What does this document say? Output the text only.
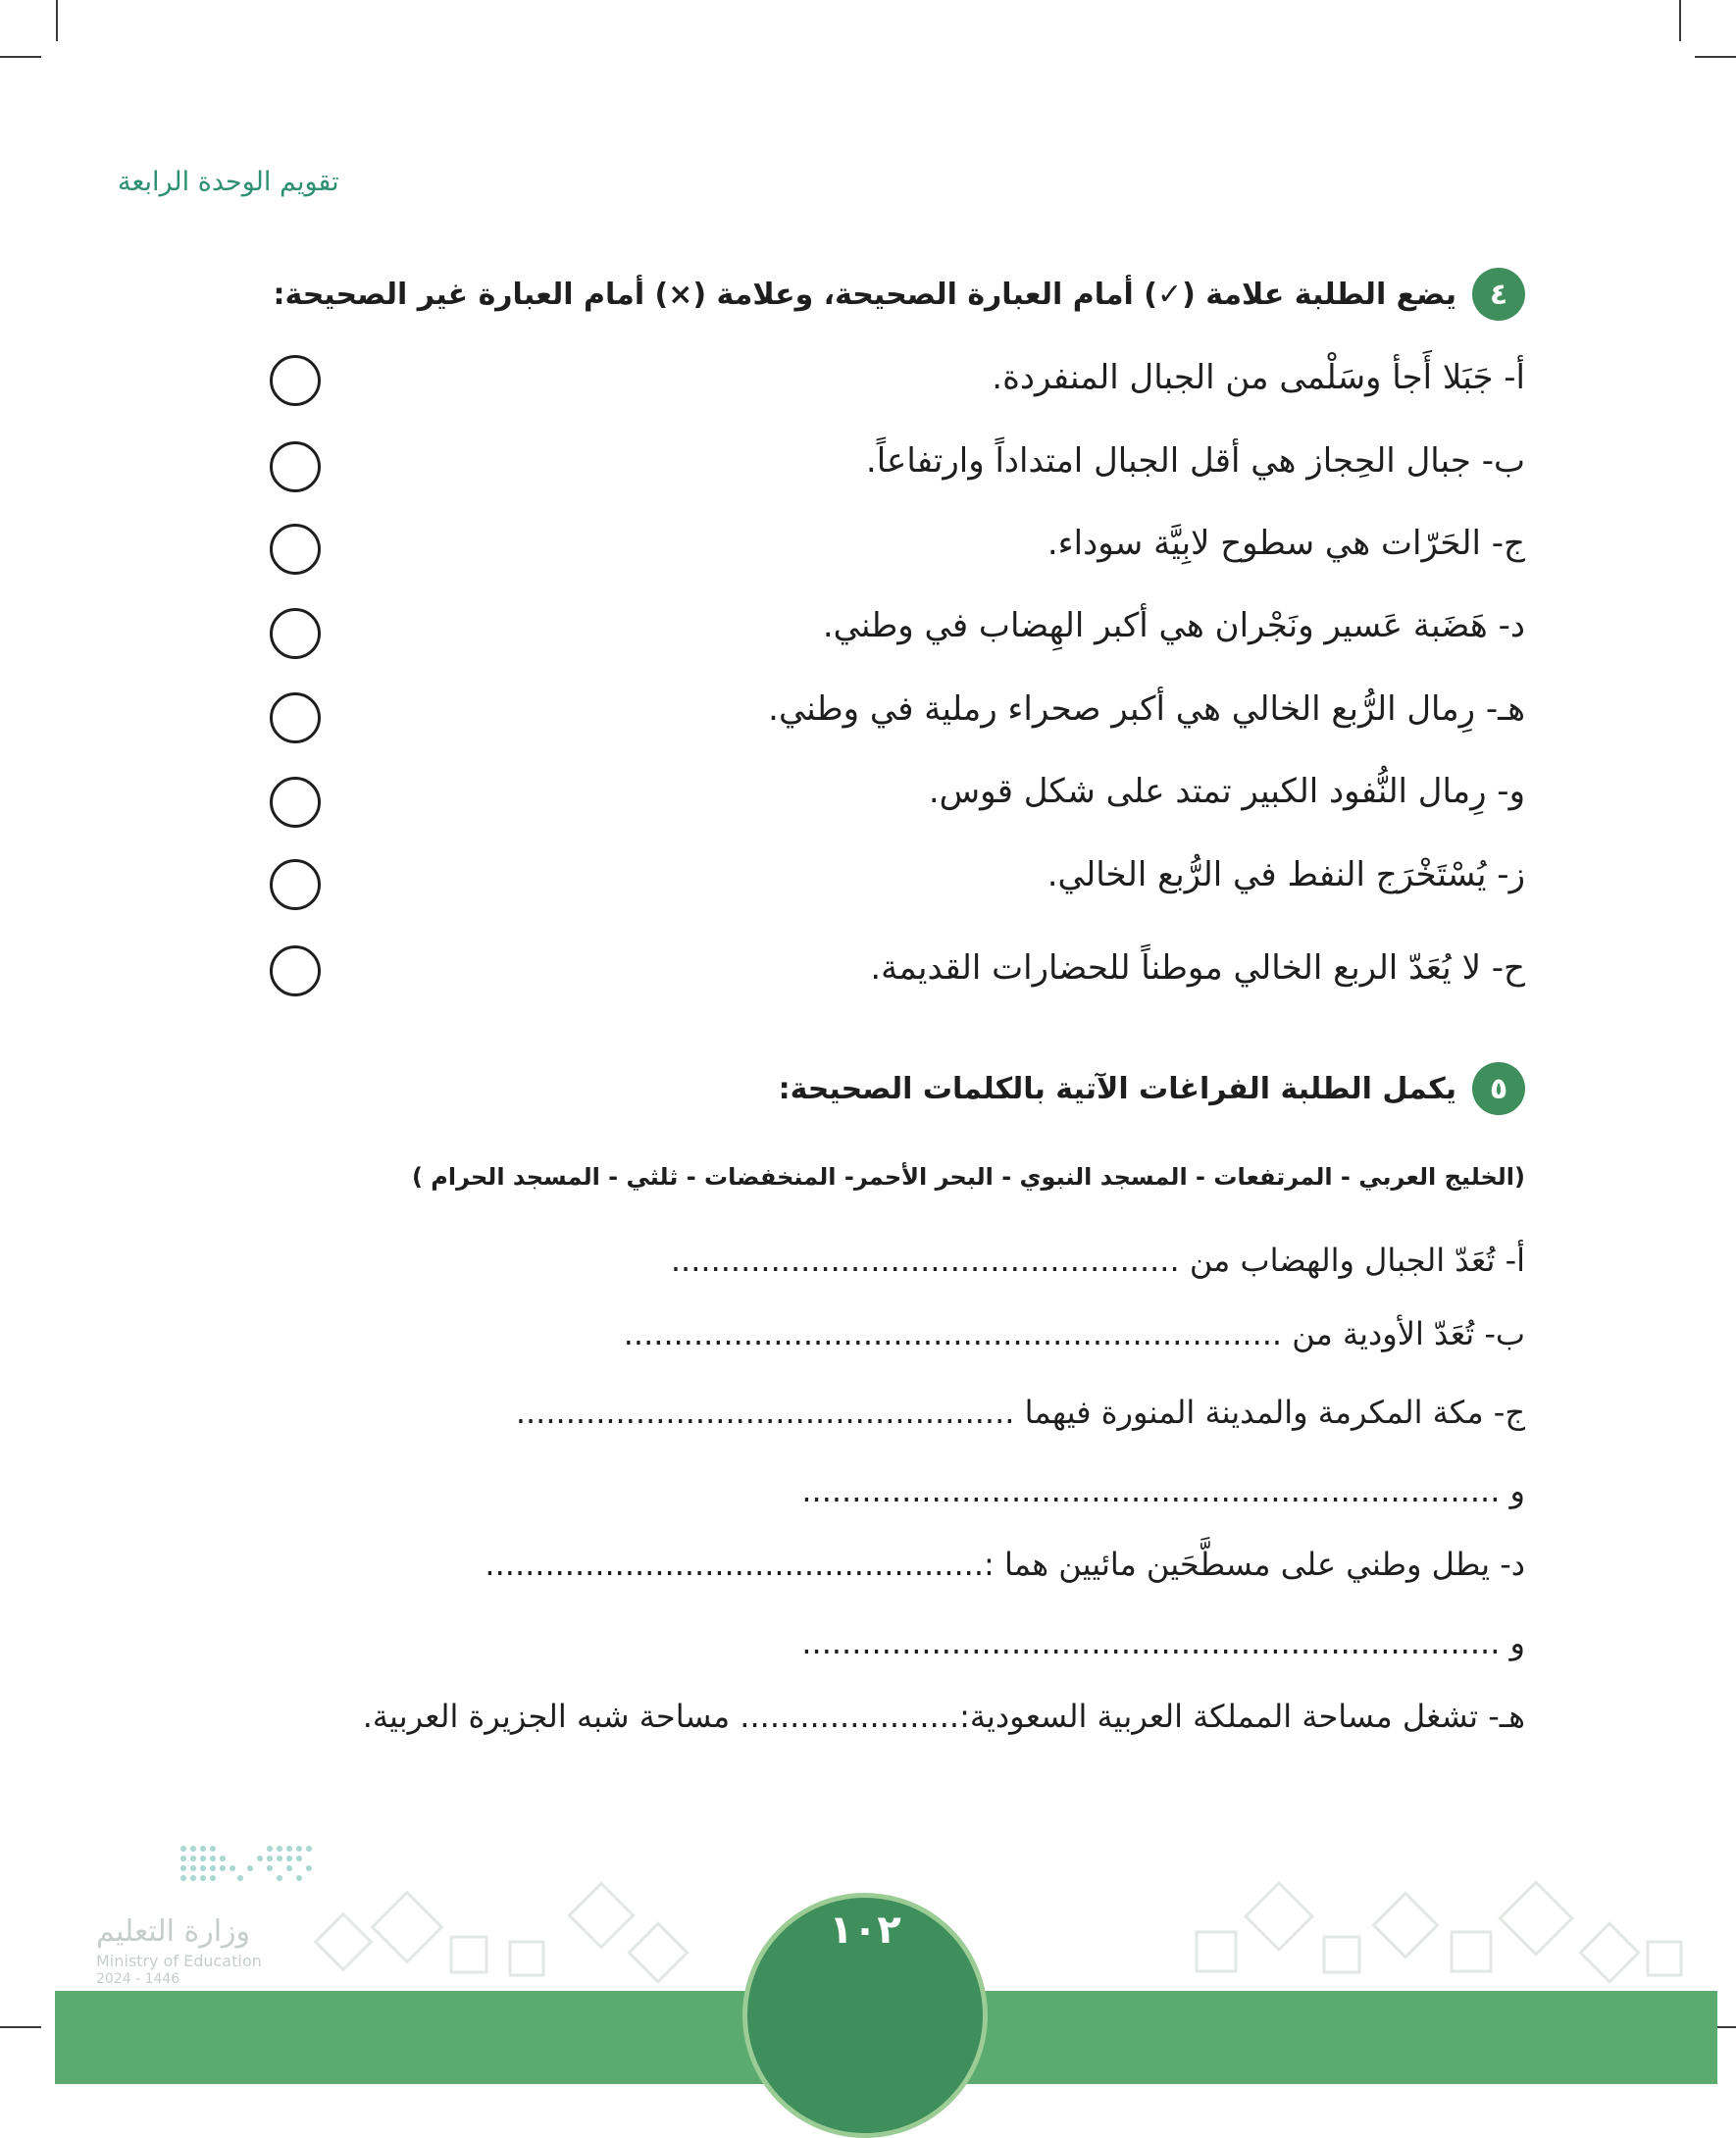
تقويم الوحدة الرابعة
٤
يضع الطلبة علامة (✓) أمام العبارة الصحيحة، وعلامة (×) أمام العبارة غير الصحيحة:
أ- جَبَلا أَجأ وسَلْمى من الجبال المنفردة.
ب- جبال الحِجاز هي أقل الجبال امتداداً وارتفاعاً.
ج- الحَرّات هي سطوح لابِيَّة سوداء.
د- هَضَبة عَسير ونَجْران هي أكبر الهِضاب في وطني.
هـ- رِمال الرُّبع الخالي هي أكبر صحراء رملية في وطني.
و- رِمال النُّفود الكبير تمتد على شكل قوس.
ز- يُسْتَخْرَج النفط في الرُّبع الخالي.
ح- لا يُعَدّ الربع الخالي موطناً للحضارات القديمة.
٥
يكمل الطلبة الفراغات الآتية بالكلمات الصحيحة:
(الخليج العربي - المرتفعات - المسجد النبوي - البحر الأحمر- المنخفضات - ثلثي - المسجد الحرام )
أ- تُعَدّ الجبال والهضاب من ...................................................
ب- تُعَدّ الأودية من ..................................................................
ج- مكة المكرمة والمدينة المنورة فيهما ..................................................
و ......................................................................
د- يطل وطني على مسطَّحَين مائيين هما :..................................................
و ......................................................................
هـ- تشغل مساحة المملكة العربية السعودية:...................... مساحة شبه الجزيرة العربية.
وزارة التعليم
Ministry of Education
2024 - 1446
١٠٢
